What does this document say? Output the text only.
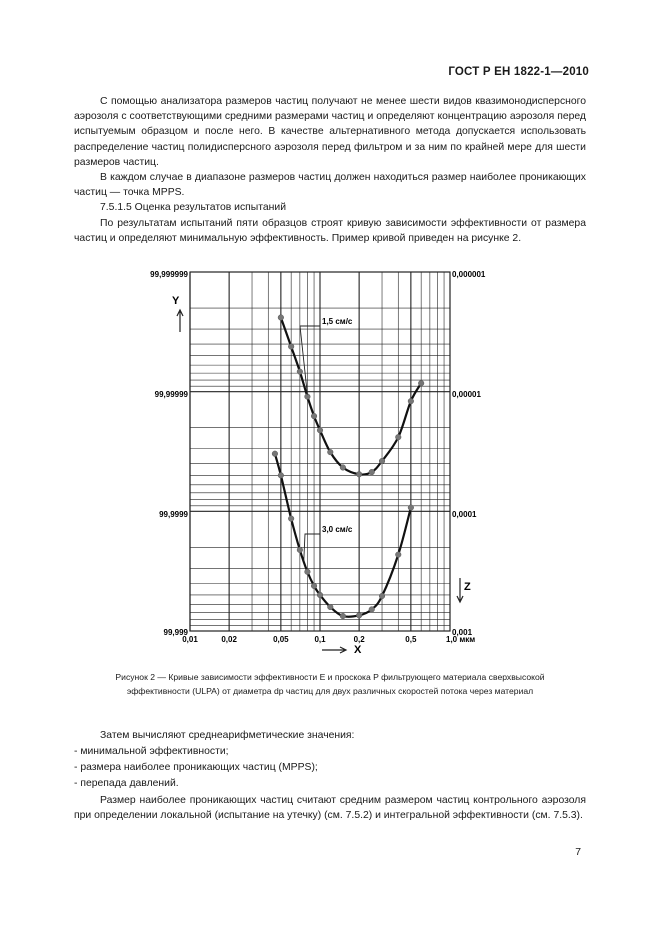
ГОСТ Р ЕН 1822-1—2010

С помощью анализатора размеров частиц получают не менее шести видов квазимонодисперсного аэрозоля с соответствующими средними размерами частиц и определяют концентрацию аэрозоля перед испытуемым образцом и после него. В качестве альтернативного метода допускается использовать распределение частиц полидисперсного аэрозоля перед фильтром и за ним по крайней мере для шести размеров частиц.

В каждом случае в диапазоне размеров частиц должен находиться размер наиболее проникающих частиц — точка MPPS.

7.5.1.5 Оценка результатов испытаний

По результатам испытаний пяти образцов строят кривую зависимости эффективности от размера частиц и определяют минимальную эффективность. Пример кривой приведен на рисунке 2.

99,999999
99,99999
99,9999
99,999
0,000001
0,00001
0,0001
0,001
Y
X
Z
1,5 см/с
3,0 см/с
0,01	0,02	0,05	0,1	0,2	0,5	1,0 мкм
Рисунок 2 — Кривые зависимости эффективности E и проскока P фильтрующего материала сверхвысокой
эффективности (ULPA) от диаметра dp частиц для двух различных скоростей потока через материал

Затем вычисляют среднеарифметические значения:

- минимальной эффективности;

- размера наиболее проникающих частиц (MPPS);

- перепада давлений.

Размер наиболее проникающих частиц считают средним размером частиц контрольного аэрозоля при определении локальной (испытание на утечку) (см. 7.5.2) и интегральной эффективности (см. 7.5.3).

7
